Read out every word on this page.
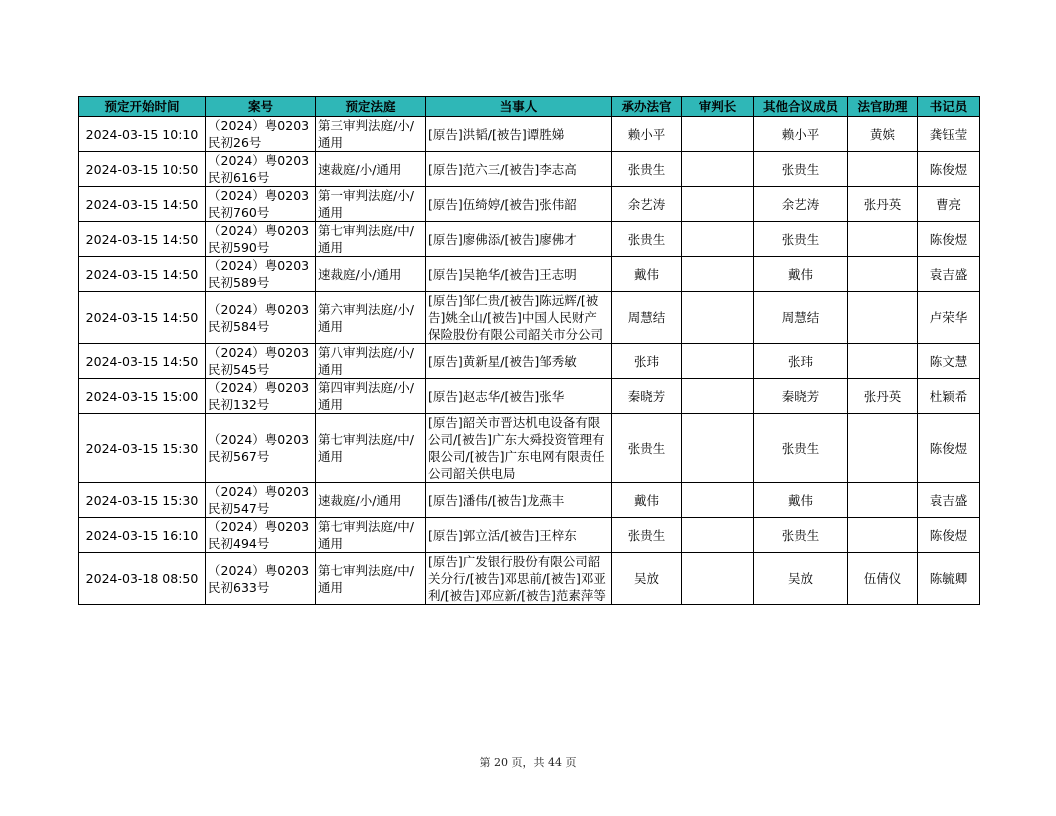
预定开始时间	案号	预定法庭	当事人	承办法官	审判长	其他合议成员	法官助理	书记员
2024-03-15 10:10	（2024）粤0203民初26号	第三审判法庭/小/通用	[原告]洪韬/[被告]谭胜娣	赖小平		赖小平	黄嫔	龚钰莹
2024-03-15 10:50	（2024）粤0203民初616号	速裁庭/小/通用	[原告]范六三/[被告]李志高	张贵生		张贵生		陈俊煜
2024-03-15 14:50	（2024）粤0203民初760号	第一审判法庭/小/通用	[原告]伍绮婷/[被告]张伟韶	余艺涛		余艺涛	张丹英	曹亮
2024-03-15 14:50	（2024）粤0203民初590号	第七审判法庭/中/通用	[原告]廖佛添/[被告]廖佛才	张贵生		张贵生		陈俊煜
2024-03-15 14:50	（2024）粤0203民初589号	速裁庭/小/通用	[原告]吴艳华/[被告]王志明	戴伟		戴伟		袁吉盛
2024-03-15 14:50	（2024）粤0203民初584号	第六审判法庭/小/通用	[原告]邹仁贵/[被告]陈远辉/[被告]姚全山/[被告]中国人民财产保险股份有限公司韶关市分公司	周慧结		周慧结		卢荣华
2024-03-15 14:50	（2024）粤0203民初545号	第八审判法庭/小/通用	[原告]黄新星/[被告]邹秀敏	张玮		张玮		陈文慧
2024-03-15 15:00	（2024）粤0203民初132号	第四审判法庭/小/通用	[原告]赵志华/[被告]张华	秦晓芳		秦晓芳	张丹英	杜颖希
2024-03-15 15:30	（2024）粤0203民初567号	第七审判法庭/中/通用	[原告]韶关市晋达机电设备有限公司/[被告]广东大舜投资管理有限公司/[被告]广东电网有限责任公司韶关供电局	张贵生		张贵生		陈俊煜
2024-03-15 15:30	（2024）粤0203民初547号	速裁庭/小/通用	[原告]潘伟/[被告]龙燕丰	戴伟		戴伟		袁吉盛
2024-03-15 16:10	（2024）粤0203民初494号	第七审判法庭/中/通用	[原告]郭立活/[被告]王梓东	张贵生		张贵生		陈俊煜
2024-03-18 08:50	（2024）粤0203民初633号	第七审判法庭/中/通用	[原告]广发银行股份有限公司韶关分行/[被告]邓思前/[被告]邓亚利/[被告]邓应新/[被告]范素萍等	吴放		吴放	伍倩仪	陈毓卿
第 20 页，共 44 页
